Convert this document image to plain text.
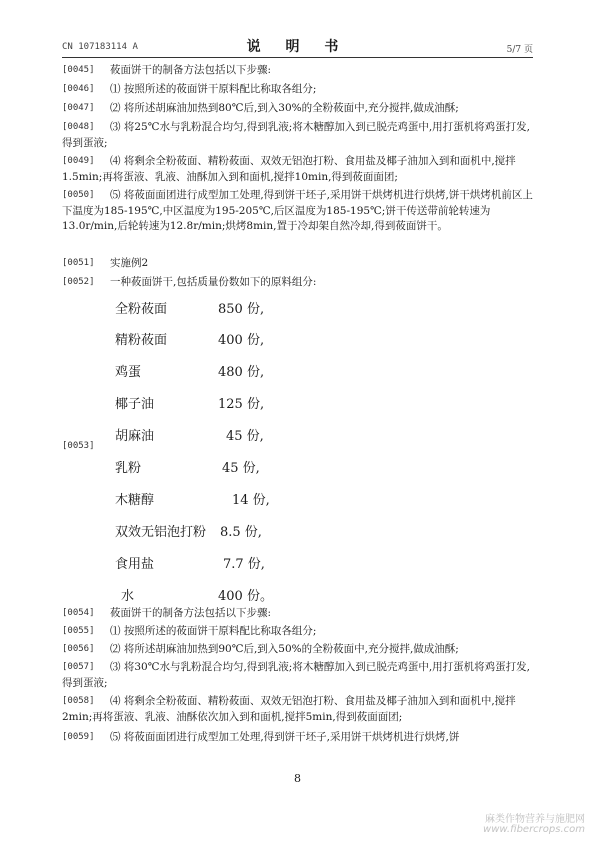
CN 107183114 A	说 明 书	5/7 页
[0045] 莜面饼干的制备方法包括以下步骤:
[0046] ⑴ 按照所述的莜面饼干原料配比称取各组分;
[0047] ⑵ 将所述胡麻油加热到80℃后,到入30%的全粉莜面中,充分搅拌,做成油酥;
[0048]	⑶ 将25℃水与乳粉混合均匀,得到乳液;将木糖醇加入到已脱壳鸡蛋中,用打蛋机将鸡蛋打发,得到蛋液;
[0049]	⑷ 将剩余全粉莜面、精粉莜面、双效无铝泡打粉、食用盐及椰子油加入到和面机中,搅拌1.5min;再将蛋液、乳液、油酥加入到和面机,搅拌10min,得到莜面面团;
[0050]	⑸ 将莜面面团进行成型加工处理,得到饼干坯子,采用饼干烘烤机进行烘烤,饼干烘烤机前区上下温度为185-195℃,中区温度为195-205℃,后区温度为185-195℃;饼干传送带前轮转速为13.0r/min,后轮转速为12.8r/min;烘烤8min,置于冷却架自然冷却,得到莜面饼干。
[0051] 实施例2
[0052] 一种莜面饼干,包括质量份数如下的原料组分:
[0053]
全粉莜面	850 份,
精粉莜面	400 份,
鸡蛋	480 份,
椰子油	125 份,
胡麻油	45 份,
乳粉	45 份,
木糖醇	14 份,
双效无铝泡打粉 8.5 份,
食用盐	7.7 份,
水	400 份。
[0054] 莜面饼干的制备方法包括以下步骤:
[0055] ⑴ 按照所述的莜面饼干原料配比称取各组分;
[0056] ⑵ 将所述胡麻油加热到90℃后,到入50%的全粉莜面中,充分搅拌,做成油酥;
[0057]	⑶ 将30℃水与乳粉混合均匀,得到乳液;将木糖醇加入到已脱壳鸡蛋中,用打蛋机将鸡蛋打发,得到蛋液;
[0058]	⑷ 将剩余全粉莜面、精粉莜面、双效无铝泡打粉、食用盐及椰子油加入到和面机中,搅拌2min;再将蛋液、乳液、油酥依次加入到和面机,搅拌5min,得到莜面面团;
[0059] ⑸ 将莜面面团进行成型加工处理,得到饼干坯子,采用饼干烘烤机进行烘烤,饼
8
麻类作物营养与施肥网
www.fibercrops.com
